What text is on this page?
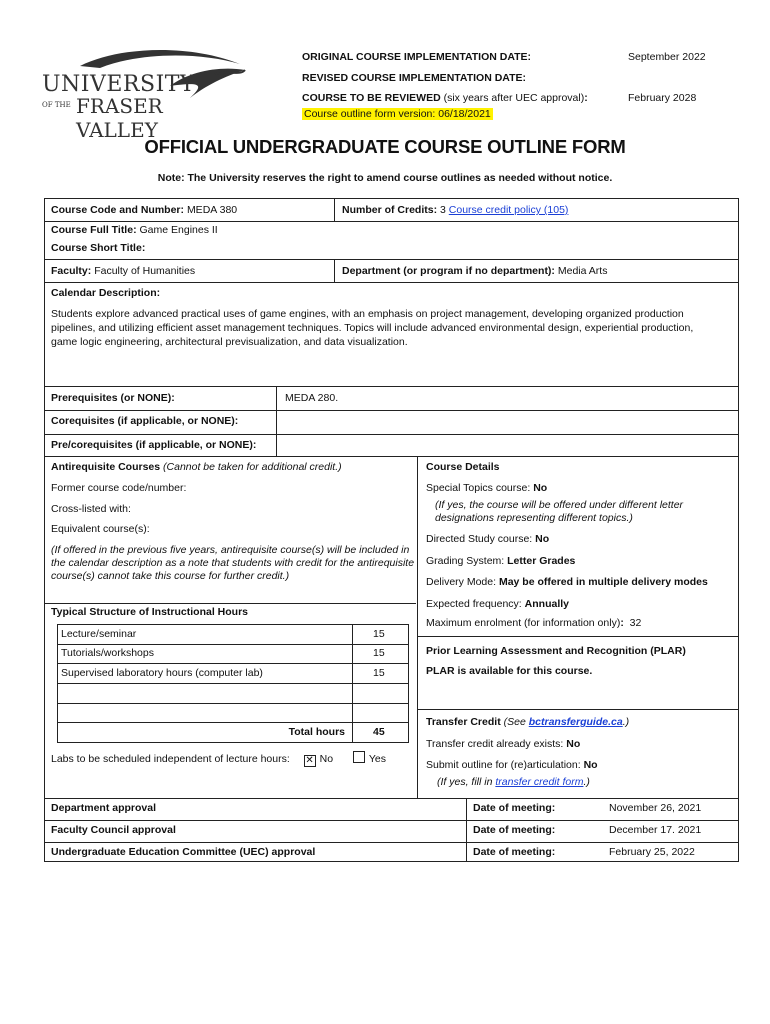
UNIVERSITY
OF THE FRASER VALLEY
ORIGINAL COURSE IMPLEMENTATION DATE:	September 2022
REVISED COURSE IMPLEMENTATION DATE:
COURSE TO BE REVIEWED (six years after UEC approval):	February 2028
Course outline form version: 06/18/2021
OFFICIAL UNDERGRADUATE COURSE OUTLINE FORM
Note: The University reserves the right to amend course outlines as needed without notice.
Course Code and Number: MEDA 380	Number of Credits: 3 Course credit policy (105)
Course Full Title: Game Engines II
Course Short Title:
Faculty: Faculty of Humanities	Department (or program if no department): Media Arts
Calendar Description:
Students explore advanced practical uses of game engines, with an emphasis on project management, developing organized production pipelines, and utilizing efficient asset management techniques. Topics will include advanced environmental design, experiential production, game logic engineering, architectural previsualization, and data visualization.
Prerequisites (or NONE):	MEDA 280.
Corequisites (if applicable, or NONE):
Pre/corequisites (if applicable, or NONE):
Antirequisite Courses (Cannot be taken for additional credit.)
Former course code/number:
Cross-listed with:
Equivalent course(s):
(If offered in the previous five years, antirequisite course(s) will be included in the calendar description as a note that students with credit for the antirequisite course(s) cannot take this course for further credit.)
Typical Structure of Instructional Hours
Lecture/seminar	15
Tutorials/workshops	15
Supervised laboratory hours (computer lab)	15
Total hours	45
Labs to be scheduled independent of lecture hours: ✕ No	Yes
Course Details
Special Topics course: No
(If yes, the course will be offered under different letter designations representing different topics.)
Directed Study course: No
Grading System: Letter Grades
Delivery Mode: May be offered in multiple delivery modes
Expected frequency: Annually
Maximum enrolment (for information only): 32
Prior Learning Assessment and Recognition (PLAR)
PLAR is available for this course.
Transfer Credit (See bctransferguide.ca.)
Transfer credit already exists: No
Submit outline for (re)articulation: No
(If yes, fill in transfer credit form.)
Department approval	Date of meeting:	November 26, 2021
Faculty Council approval	Date of meeting:	December 17. 2021
Undergraduate Education Committee (UEC) approval	Date of meeting:	February 25, 2022
